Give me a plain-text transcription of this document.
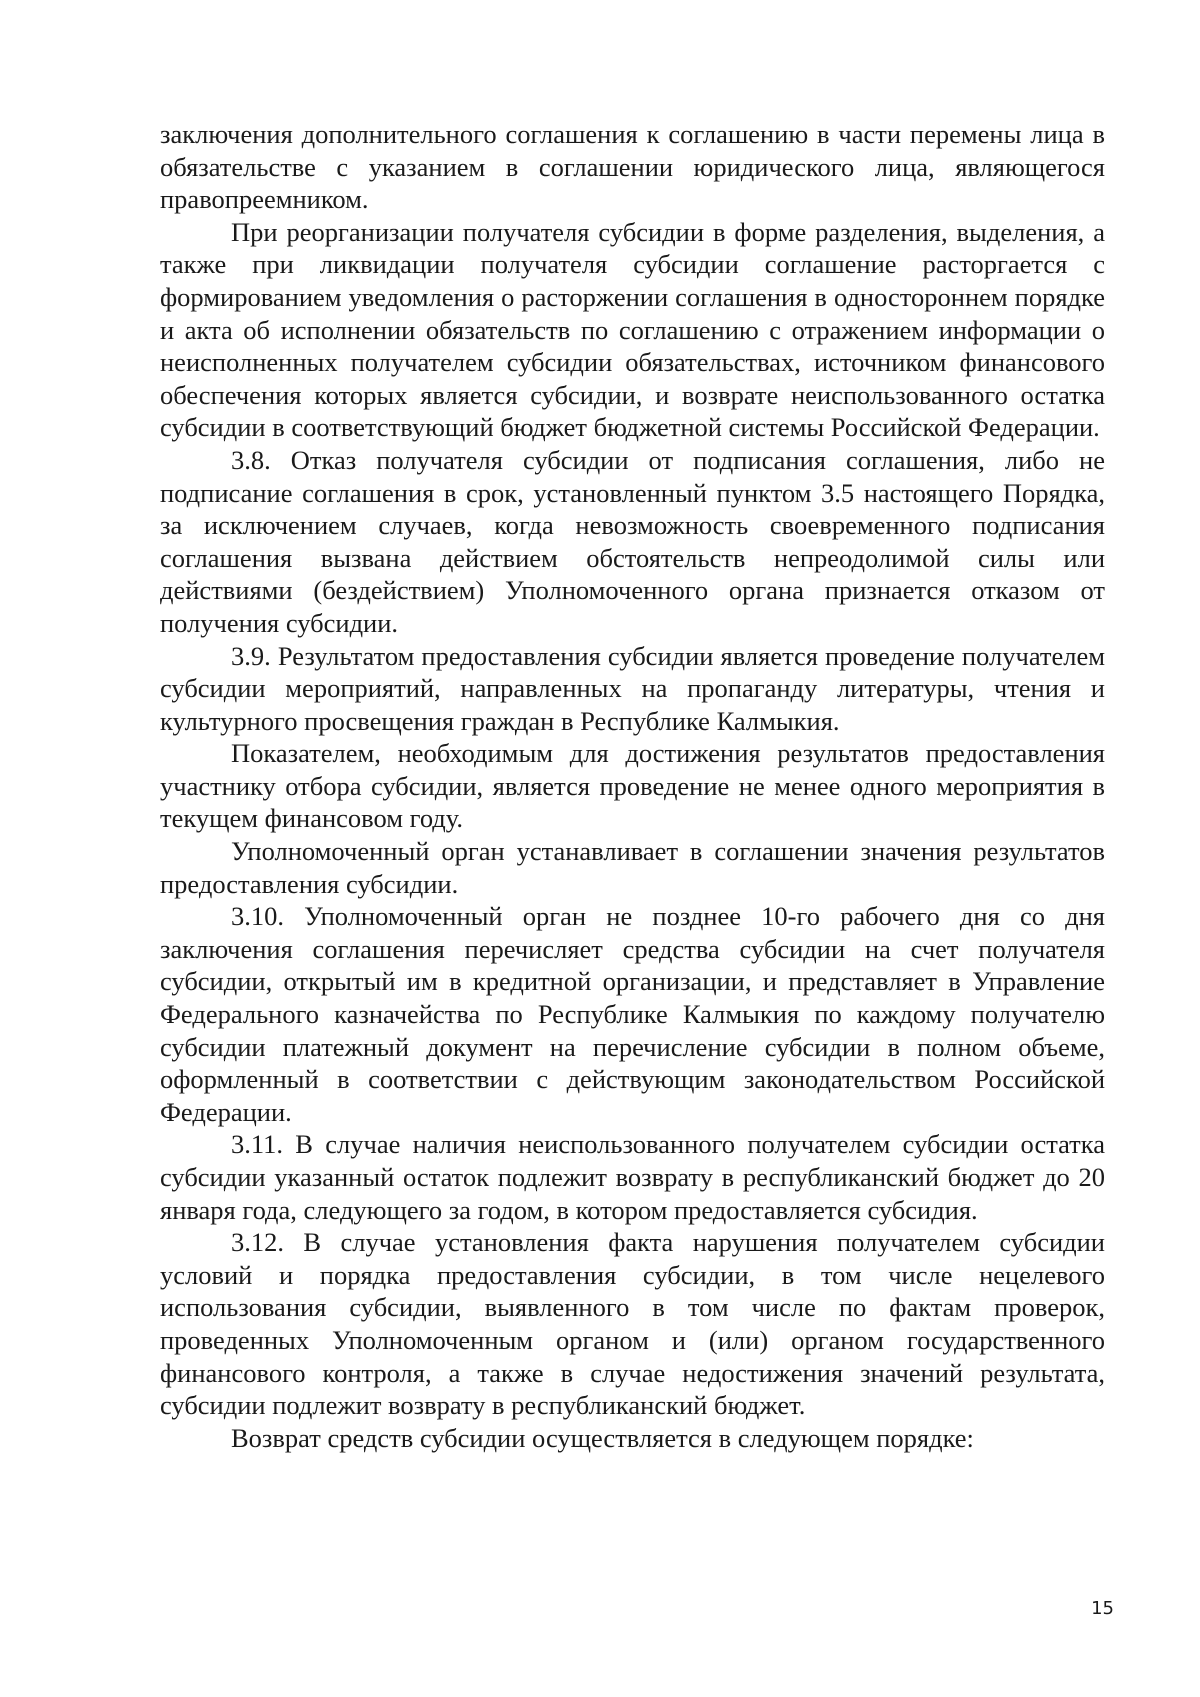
заключения дополнительного соглашения к соглашению в части перемены лица в обязательстве с указанием в соглашении юридического лица, являющегося правопреемником.

При реорганизации получателя субсидии в форме разделения, выделения, а также при ликвидации получателя субсидии соглашение расторгается с формированием уведомления о расторжении соглашения в одностороннем порядке и акта об исполнении обязательств по соглашению с отражением информации о неисполненных получателем субсидии обязательствах, источником финансового обеспечения которых является субсидии, и возврате неиспользованного остатка субсидии в соответствующий бюджет бюджетной системы Российской Федерации.

3.8. Отказ получателя субсидии от подписания соглашения, либо не подписание соглашения в срок, установленный пунктом 3.5 настоящего Порядка, за исключением случаев, когда невозможность своевременного подписания соглашения вызвана действием обстоятельств непреодолимой силы или действиями (бездействием) Уполномоченного органа признается отказом от получения субсидии.

3.9. Результатом предоставления субсидии является проведение получателем субсидии мероприятий, направленных на пропаганду литературы, чтения и культурного просвещения граждан в Республике Калмыкия.

Показателем, необходимым для достижения результатов предоставления участнику отбора субсидии, является проведение не менее одного мероприятия в текущем финансовом году.

Уполномоченный орган устанавливает в соглашении значения результатов предоставления субсидии.

3.10. Уполномоченный орган не позднее 10-го рабочего дня со дня заключения соглашения перечисляет средства субсидии на счет получателя субсидии, открытый им в кредитной организации, и представляет в Управление Федерального казначейства по Республике Калмыкия по каждому получателю субсидии платежный документ на перечисление субсидии в полном объеме, оформленный в соответствии с действующим законодательством Российской Федерации.

3.11. В случае наличия неиспользованного получателем субсидии остатка субсидии указанный остаток подлежит возврату в республиканский бюджет до 20 января года, следующего за годом, в котором предоставляется субсидия.

3.12. В случае установления факта нарушения получателем субсидии условий и порядка предоставления субсидии, в том числе нецелевого использования субсидии, выявленного в том числе по фактам проверок, проведенных Уполномоченным органом и (или) органом государственного финансового контроля, а также в случае недостижения значений результата, субсидии подлежит возврату в республиканский бюджет.

Возврат средств субсидии осуществляется в следующем порядке:

15
